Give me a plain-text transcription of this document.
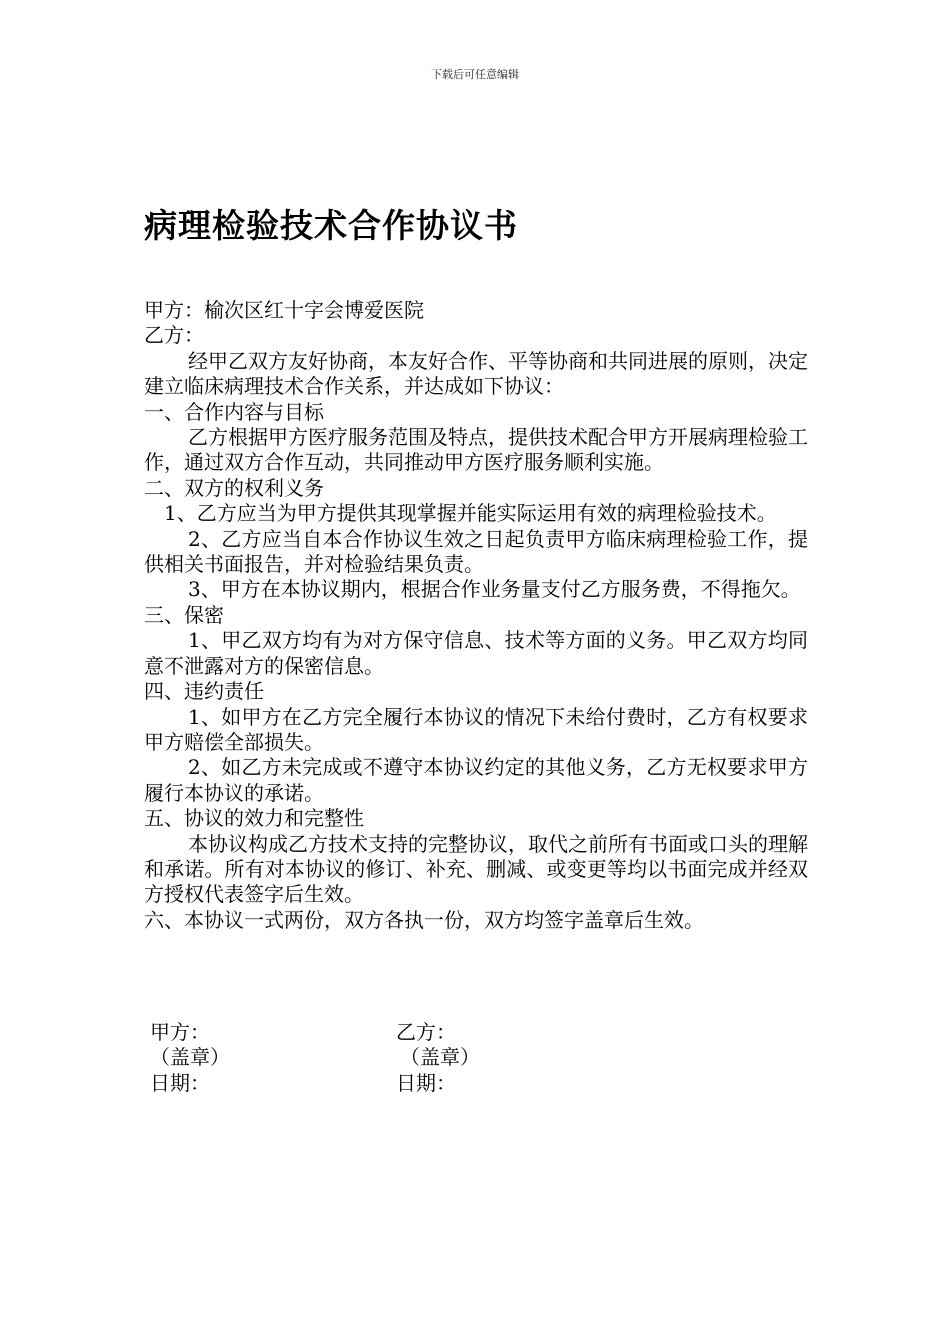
下载后可任意编辑
病理检验技术合作协议书

甲方：榆次区红十字会博爱医院

乙方：

经甲乙双方友好协商，本友好合作、平等协商和共同进展的原则，决定建立临床病理技术合作关系，并达成如下协议：

一、合作内容与目标

乙方根据甲方医疗服务范围及特点，提供技术配合甲方开展病理检验工作，通过双方合作互动，共同推动甲方医疗服务顺利实施。

二、双方的权利义务

1、乙方应当为甲方提供其现掌握并能实际运用有效的病理检验技术。

2、乙方应当自本合作协议生效之日起负责甲方临床病理检验工作，提供相关书面报告，并对检验结果负责。

3、甲方在本协议期内，根据合作业务量支付乙方服务费，不得拖欠。

三、保密

1、甲乙双方均有为对方保守信息、技术等方面的义务。甲乙双方均同意不泄露对方的保密信息。

四、违约责任

1、如甲方在乙方完全履行本协议的情况下未给付费时，乙方有权要求甲方赔偿全部损失。

2、如乙方未完成或不遵守本协议约定的其他义务，乙方无权要求甲方履行本协议的承诺。

五、协议的效力和完整性

本协议构成乙方技术支持的完整协议，取代之前所有书面或口头的理解和承诺。所有对本协议的修订、补充、删减、或变更等均以书面完成并经双方授权代表签字后生效。

六、本协议一式两份，双方各执一份，双方均签字盖章后生效。

甲方：
（盖章）
日期：
乙方：
（盖章）
日期：
